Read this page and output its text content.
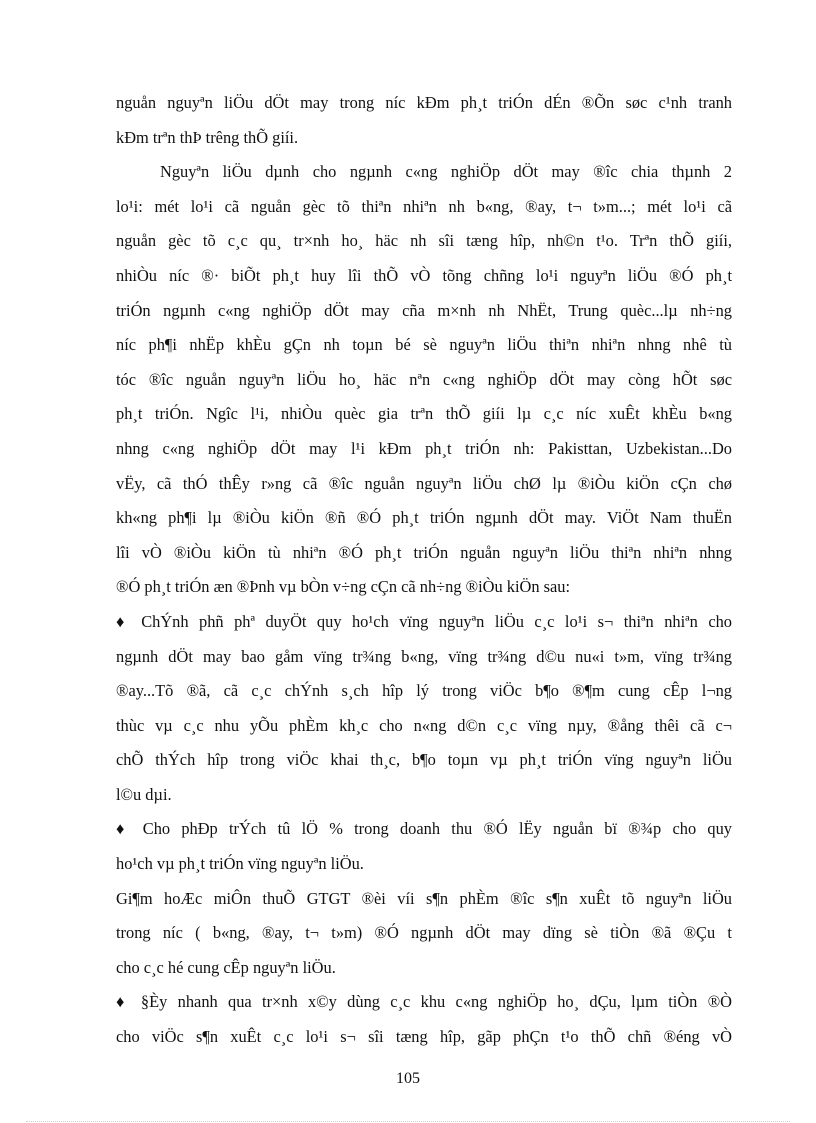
nguån nguyªn liÖu dÖt may trong níc kÐm ph¸t triÓn dÉn ®Õn søc c¹nh tranh
kÐm trªn thÞ trêng thÕ giíi.
Nguyªn liÖu dµnh cho ngµnh c«ng nghiÖp dÖt may ®îc chia thµnh 2
lo¹i: mét lo¹i cã nguån gèc tõ thiªn nhiªn nh b«ng, ®ay, t¬ t»m...; mét lo¹i cã
nguån gèc tõ c¸c qu¸ tr×nh ho¸ häc nh sîi tæng hîp, nh©n t¹o. Trªn thÕ giíi,
nhiÒu níc ®· biÕt ph¸t huy lîi thÕ vÒ tõng chñng lo¹i nguyªn liÖu ®Ó ph¸t
triÓn ngµnh c«ng nghiÖp dÖt may cña m×nh nh NhËt, Trung quèc...lµ nh÷ng
níc ph¶i nhËp khÈu gÇn nh toµn bé sè nguyªn liÖu thiªn nhiªn nhng nhê tù
tóc ®îc nguån nguyªn liÖu ho¸ häc nªn c«ng nghiÖp dÖt may còng hÕt søc
ph¸t triÓn. Ngîc l¹i, nhiÒu quèc gia trªn thÕ giíi lµ c¸c níc xuÊt khÈu b«ng
nhng c«ng nghiÖp dÖt may l¹i kÐm ph¸t triÓn nh: Pakisttan, Uzbekistan...Do
vËy, cã thÓ thÊy r»ng cã ®îc nguån nguyªn liÖu chØ lµ ®iÒu kiÖn cÇn chø
kh«ng ph¶i lµ ®iÒu kiÖn ®ñ ®Ó ph¸t triÓn ngµnh dÖt may. ViÖt Nam thuËn
lîi vÒ ®iÒu kiÖn tù nhiªn ®Ó ph¸t triÓn nguån nguyªn liÖu thiªn nhiªn nhng
®Ó ph¸t triÓn æn ®Þnh vµ bÒn v÷ng cÇn cã nh÷ng ®iÒu kiÖn sau:
♦ ChÝnh phñ phª duyÖt quy ho¹ch vïng nguyªn liÖu c¸c lo¹i s¬ thiªn nhiªn cho
ngµnh dÖt may bao gåm vïng tr¾ng b«ng, vïng tr¾ng d©u nu«i t»m, vïng tr¾ng
®ay...Tõ ®ã, cã c¸c chÝnh s¸ch hîp lý trong viÖc b¶o ®¶m cung cÊp l¬ng
thùc vµ c¸c nhu yÕu phÈm kh¸c cho n«ng d©n c¸c vïng nµy, ®ång thêi cã c¬
chÕ thÝch hîp trong viÖc khai th¸c, b¶o toµn vµ ph¸t triÓn vïng nguyªn liÖu
l©u dµi.
♦ Cho phÐp trÝch tû lÖ % trong doanh thu ®Ó lËy nguån bï ®¾p cho quy
ho¹ch vµ ph¸t triÓn vïng nguyªn liÖu.
Gi¶m hoÆc miÔn thuÕ GTGT ®èi víi s¶n phÈm ®îc s¶n xuÊt tõ nguyªn liÖu
trong níc ( b«ng, ®ay, t¬ t»m) ®Ó ngµnh dÖt may dïng sè tiÒn ®ã ®Çu t
cho c¸c hé cung cÊp nguyªn liÖu.
♦ §Èy nhanh qua tr×nh x©y dùng c¸c khu c«ng nghiÖp ho¸ dÇu, lµm tiÒn ®Ò
cho viÖc s¶n xuÊt c¸c lo¹i s¬ sîi tæng hîp, gãp phÇn t¹o thÕ chñ ®éng vÒ
105
